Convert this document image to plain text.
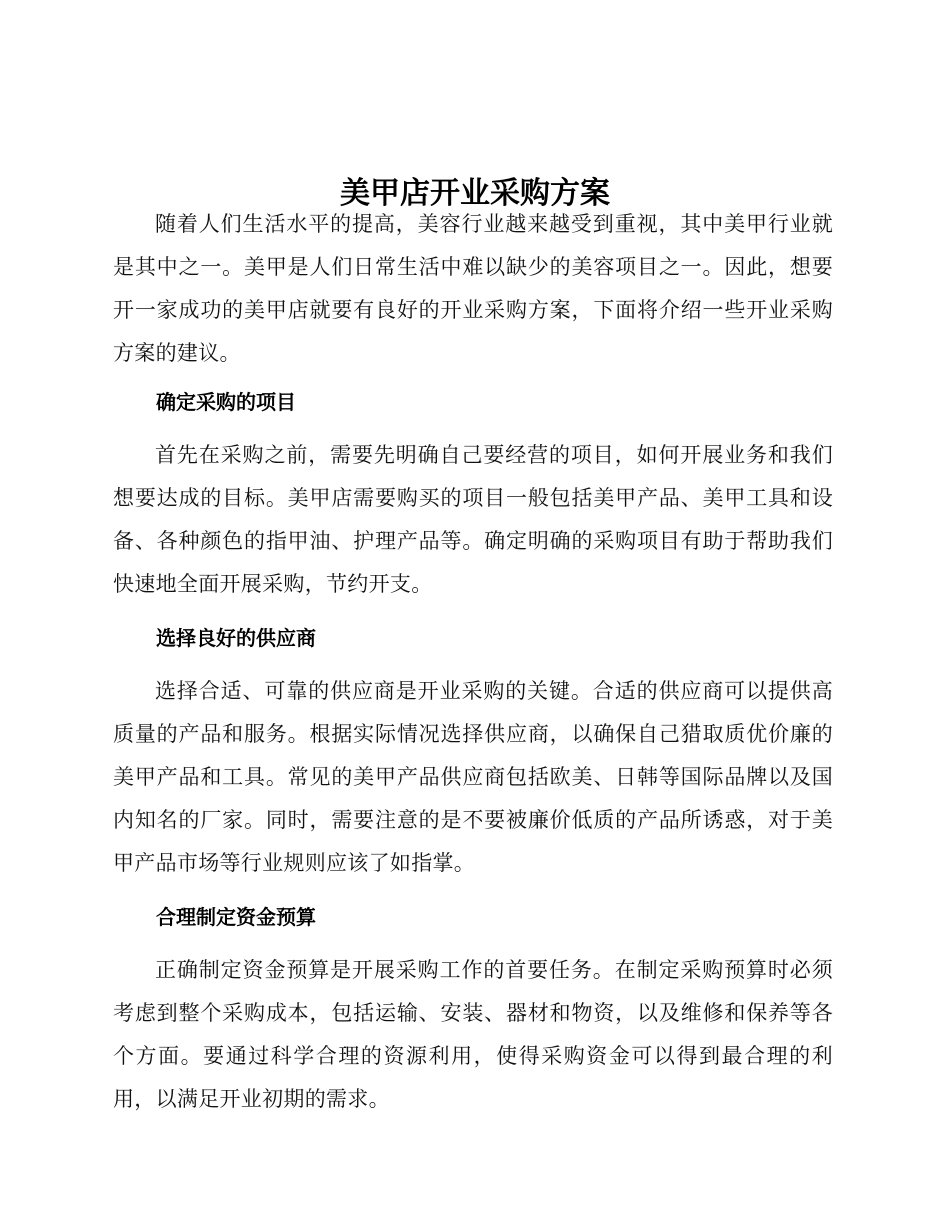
美甲店开业采购方案

随着人们生活水平的提高，美容行业越来越受到重视，其中美甲行业就是其中之一。美甲是人们日常生活中难以缺少的美容项目之一。因此，想要开一家成功的美甲店就要有良好的开业采购方案，下面将介绍一些开业采购方案的建议。

确定采购的项目

首先在采购之前，需要先明确自己要经营的项目，如何开展业务和我们想要达成的目标。美甲店需要购买的项目一般包括美甲产品、美甲工具和设备、各种颜色的指甲油、护理产品等。确定明确的采购项目有助于帮助我们快速地全面开展采购，节约开支。

选择良好的供应商

选择合适、可靠的供应商是开业采购的关键。合适的供应商可以提供高质量的产品和服务。根据实际情况选择供应商，以确保自己猎取质优价廉的美甲产品和工具。常见的美甲产品供应商包括欧美、日韩等国际品牌以及国内知名的厂家。同时，需要注意的是不要被廉价低质的产品所诱惑，对于美甲产品市场等行业规则应该了如指掌。

合理制定资金预算

正确制定资金预算是开展采购工作的首要任务。在制定采购预算时必须考虑到整个采购成本，包括运输、安装、器材和物资，以及维修和保养等各个方面。要通过科学合理的资源利用，使得采购资金可以得到最合理的利用，以满足开业初期的需求。
